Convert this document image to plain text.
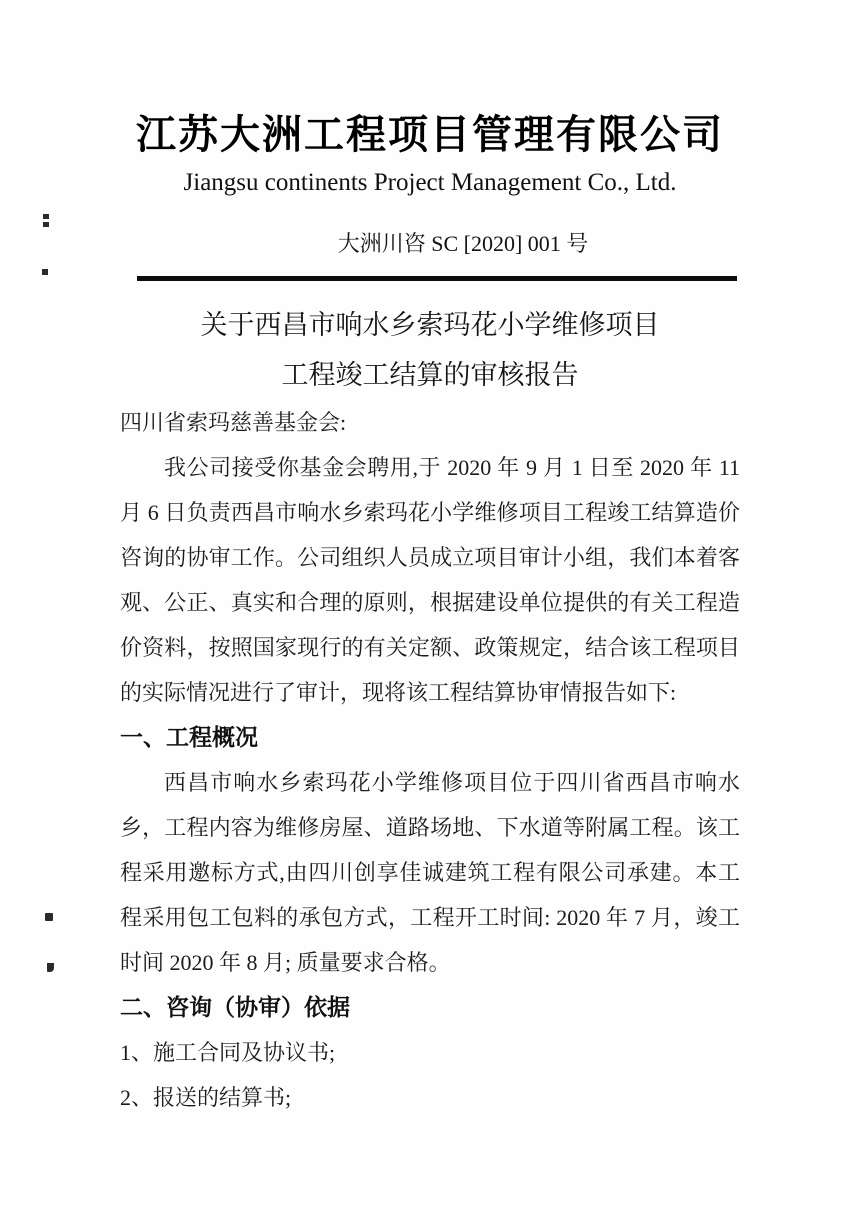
江苏大洲工程项目管理有限公司
Jiangsu continents Project Management Co., Ltd.
大洲川咨 SC [2020] 001 号
关于西昌市响水乡索玛花小学维修项目
工程竣工结算的审核报告

四川省索玛慈善基金会:

我公司接受你基金会聘用,于 2020 年 9 月 1 日至 2020 年 11 月 6 日负责西昌市响水乡索玛花小学维修项目工程竣工结算造价咨询的协审工作。公司组织人员成立项目审计小组，我们本着客观、公正、真实和合理的原则，根据建设单位提供的有关工程造价资料，按照国家现行的有关定额、政策规定，结合该工程项目的实际情况进行了审计，现将该工程结算协审情报告如下:

一、工程概况

西昌市响水乡索玛花小学维修项目位于四川省西昌市响水乡，工程内容为维修房屋、道路场地、下水道等附属工程。该工程采用邀标方式,由四川创享佳诚建筑工程有限公司承建。本工程采用包工包料的承包方式，工程开工时间: 2020 年 7 月，竣工时间 2020 年 8 月; 质量要求合格。

二、咨询（协审）依据

1、施工合同及协议书;

2、报送的结算书;
